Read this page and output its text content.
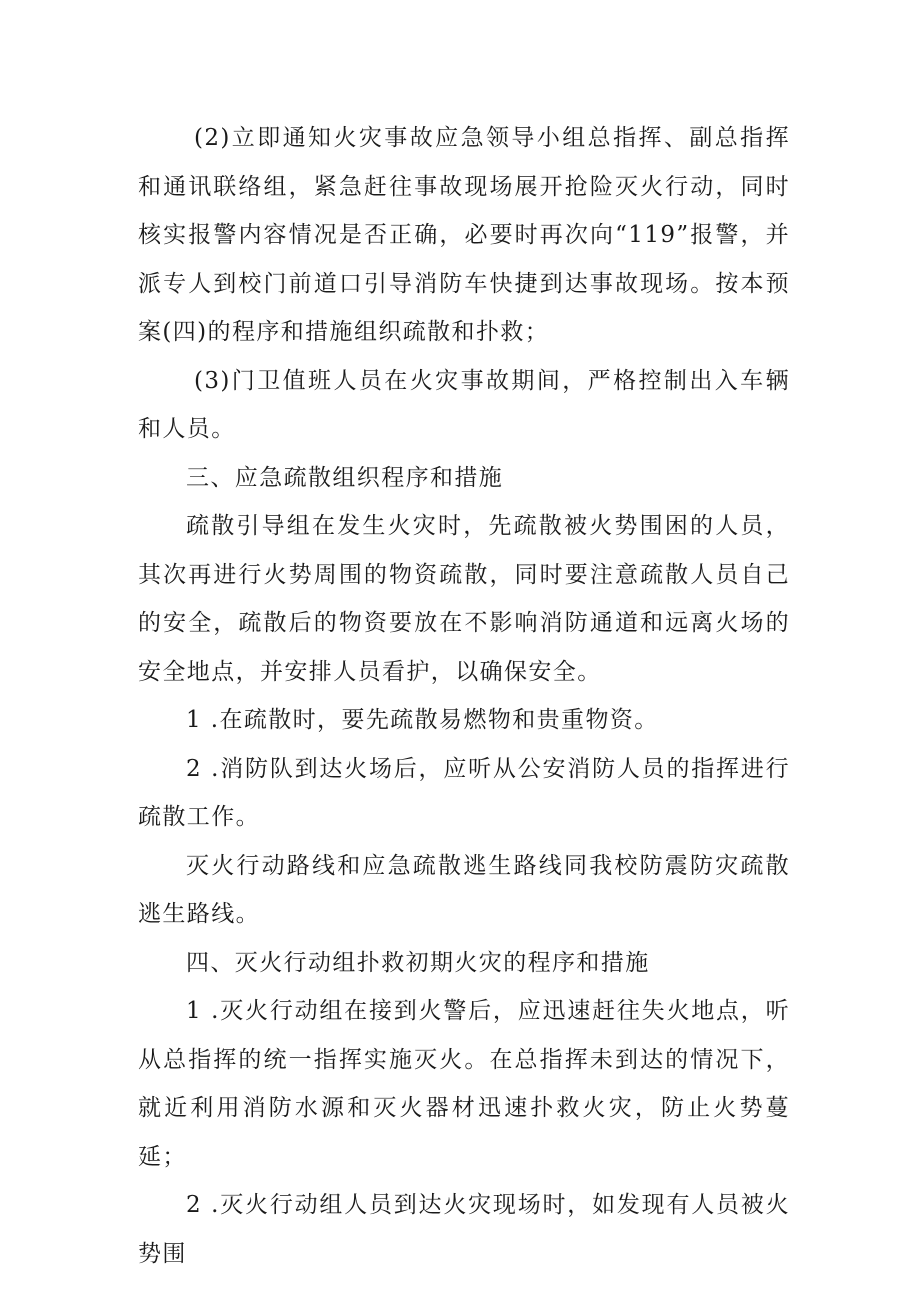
(2)立即通知火灾事故应急领导小组总指挥、副总指挥和通讯联络组，紧急赶往事故现场展开抢险灭火行动，同时核实报警内容情况是否正确，必要时再次向“119”报警，并派专人到校门前道口引导消防车快捷到达事故现场。按本预案(四)的程序和措施组织疏散和扑救；

(3)门卫值班人员在火灾事故期间，严格控制出入车辆和人员。

三、应急疏散组织程序和措施

疏散引导组在发生火灾时，先疏散被火势围困的人员，其次再进行火势周围的物资疏散，同时要注意疏散人员自己的安全，疏散后的物资要放在不影响消防通道和远离火场的安全地点，并安排人员看护，以确保安全。

1 .在疏散时，要先疏散易燃物和贵重物资。

2 .消防队到达火场后，应听从公安消防人员的指挥进行疏散工作。

灭火行动路线和应急疏散逃生路线同我校防震防灾疏散逃生路线。

四、灭火行动组扑救初期火灾的程序和措施

1 .灭火行动组在接到火警后，应迅速赶往失火地点，听从总指挥的统一指挥实施灭火。在总指挥未到达的情况下，就近利用消防水源和灭火器材迅速扑救火灾，防止火势蔓延；

2 .灭火行动组人员到达火灾现场时，如发现有人员被火势围
